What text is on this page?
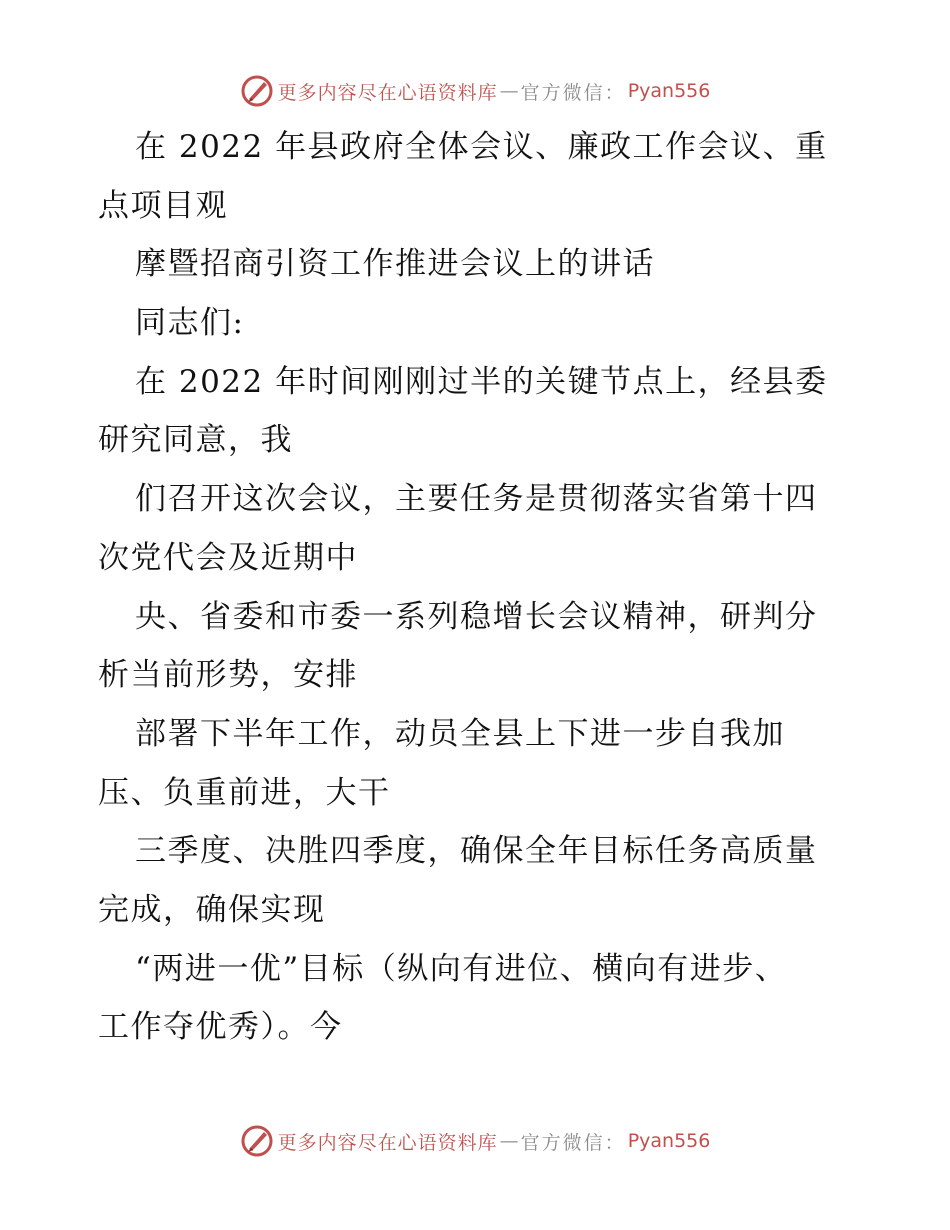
更多内容尽在心语资料库 — 官方微信： Pyan556
在 2022 年县政府全体会议、廉政工作会议、重
点项目观
摩暨招商引资工作推进会议上的讲话
同志们:
在 2022 年时间刚刚过半的关键节点上，经县委
研究同意，我
们召开这次会议，主要任务是贯彻落实省第十四
次党代会及近期中
央、省委和市委一系列稳增长会议精神，研判分
析当前形势，安排
部署下半年工作，动员全县上下进一步自我加
压、负重前进，大干
三季度、决胜四季度，确保全年目标任务高质量
完成，确保实现
“两进一优”目标（纵向有进位、横向有进步、
工作夺优秀）。今
更多内容尽在心语资料库 — 官方微信： Pyan556
